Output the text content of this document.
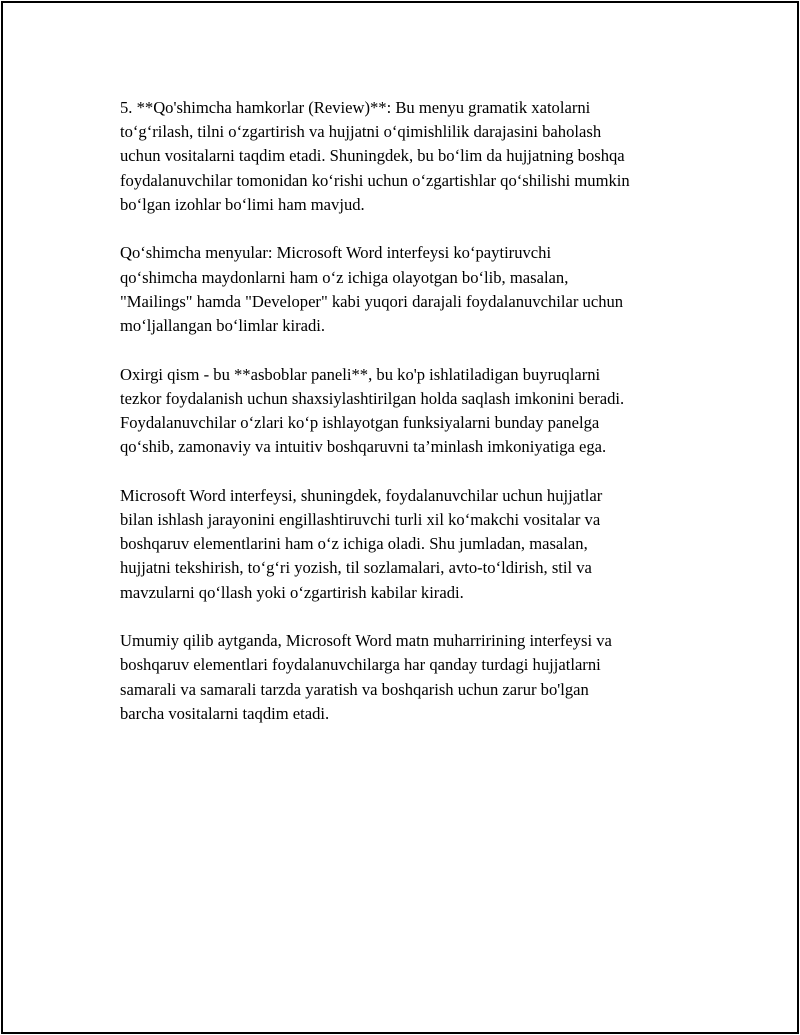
5. **Qo'shimcha hamkorlar (Review)**: Bu menyu gramatik xatolarni
to‘g‘rilash, tilni o‘zgartirish va hujjatni o‘qimishlilik darajasini baholash
uchun vositalarni taqdim etadi. Shuningdek, bu bo‘lim da hujjatning boshqa
foydalanuvchilar tomonidan ko‘rishi uchun o‘zgartishlar qo‘shilishi mumkin
bo‘lgan izohlar bo‘limi ham mavjud.

Qo‘shimcha menyular: Microsoft Word interfeysi ko‘paytiruvchi
qo‘shimcha maydonlarni ham o‘z ichiga olayotgan bo‘lib, masalan,
"Mailings" hamda "Developer" kabi yuqori darajali foydalanuvchilar uchun
mo‘ljallangan bo‘limlar kiradi.

Oxirgi qism - bu **asboblar paneli**, bu ko'p ishlatiladigan buyruqlarni
tezkor foydalanish uchun shaxsiylashtirilgan holda saqlash imkonini beradi.
Foydalanuvchilar o‘zlari ko‘p ishlayotgan funksiyalarni bunday panelga
qo‘shib, zamonaviy va intuitiv boshqaruvni ta’minlash imkoniyatiga ega.

Microsoft Word interfeysi, shuningdek, foydalanuvchilar uchun hujjatlar
bilan ishlash jarayonini engillashtiruvchi turli xil ko‘makchi vositalar va
boshqaruv elementlarini ham o‘z ichiga oladi. Shu jumladan, masalan,
hujjatni tekshirish, to‘g‘ri yozish, til sozlamalari, avto-to‘ldirish, stil va
mavzularni qo‘llash yoki o‘zgartirish kabilar kiradi.

Umumiy qilib aytganda, Microsoft Word matn muharririning interfeysi va
boshqaruv elementlari foydalanuvchilarga har qanday turdagi hujjatlarni
samarali va samarali tarzda yaratish va boshqarish uchun zarur bo'lgan
barcha vositalarni taqdim etadi.
